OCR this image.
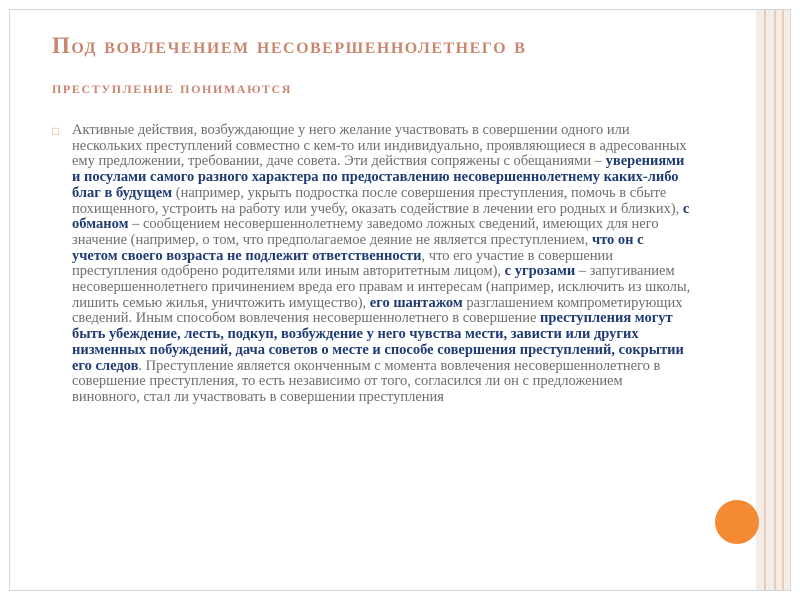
Под вовлечением несовершеннолетнего в
преступление понимаются
□ Активные действия, возбуждающие у него желание участвовать в совершении одного или нескольких преступлений совместно с кем-то или индивидуально, проявляющиеся в адресованных ему предложении, требовании, даче совета. Эти действия сопряжены с обещаниями – уверениями и посулами самого разного характера по предоставлению несовершеннолетнему каких-либо благ в будущем (например, укрыть подростка после совершения преступления, помочь в сбыте похищенного, устроить на работу или учебу, оказать содействие в лечении его родных и близких), с обманом – сообщением несовершеннолетнему заведомо ложных сведений, имеющих для него значение (например, о том, что предполагаемое деяние не является преступлением, что он с учетом своего возраста не подлежит ответственности, что его участие в совершении преступления одобрено родителями или иным авторитетным лицом), с угрозами – запугиванием несовершеннолетнего причинением вреда его правам и интересам (например, исключить из школы, лишить семью жилья, уничтожить имущество), его шантажом разглашением компрометирующих сведений. Иным способом вовлечения несовершеннолетнего в совершение преступления могут быть убеждение, лесть, подкуп, возбуждение у него чувства мести, зависти или других низменных побуждений, дача советов о месте и способе совершения преступлений, сокрытии его следов. Преступление является оконченным с момента вовлечения несовершеннолетнего в совершение преступления, то есть независимо от того, согласился ли он с предложением виновного, стал ли участвовать в совершении преступления
